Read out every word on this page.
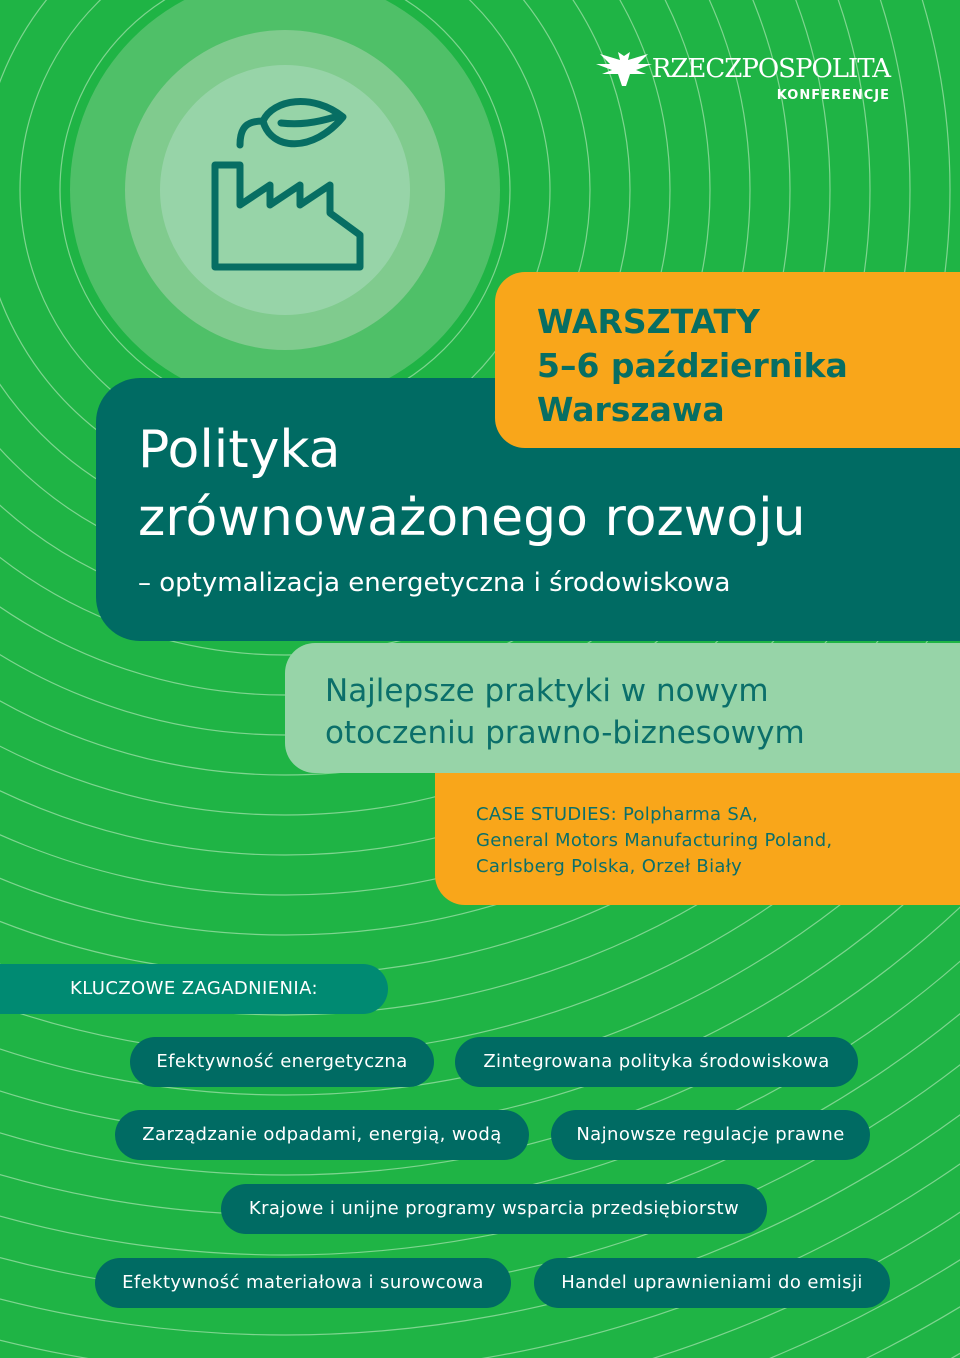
RZECZPOSPOLITA
KONFERENCJE
Polityka
zrównoważonego rozwoju
– optymalizacja energetyczna i środowiskowa
WARSZTATY
5–6 października
Warszawa
Najlepsze praktyki w nowym
otoczeniu prawno-biznesowym
CASE STUDIES: Polpharma SA,
General Motors Manufacturing Poland,
Carlsberg Polska, Orzeł Biały
KLUCZOWE ZAGADNIENIA:
Efektywność energetyczna	Zintegrowana polityka środowiskowa
Zarządzanie odpadami, energią, wodą	Najnowsze regulacje prawne
Krajowe i unijne programy wsparcia przedsiębiorstw
Efektywność materiałowa i surowcowa	Handel uprawnieniami do emisji
